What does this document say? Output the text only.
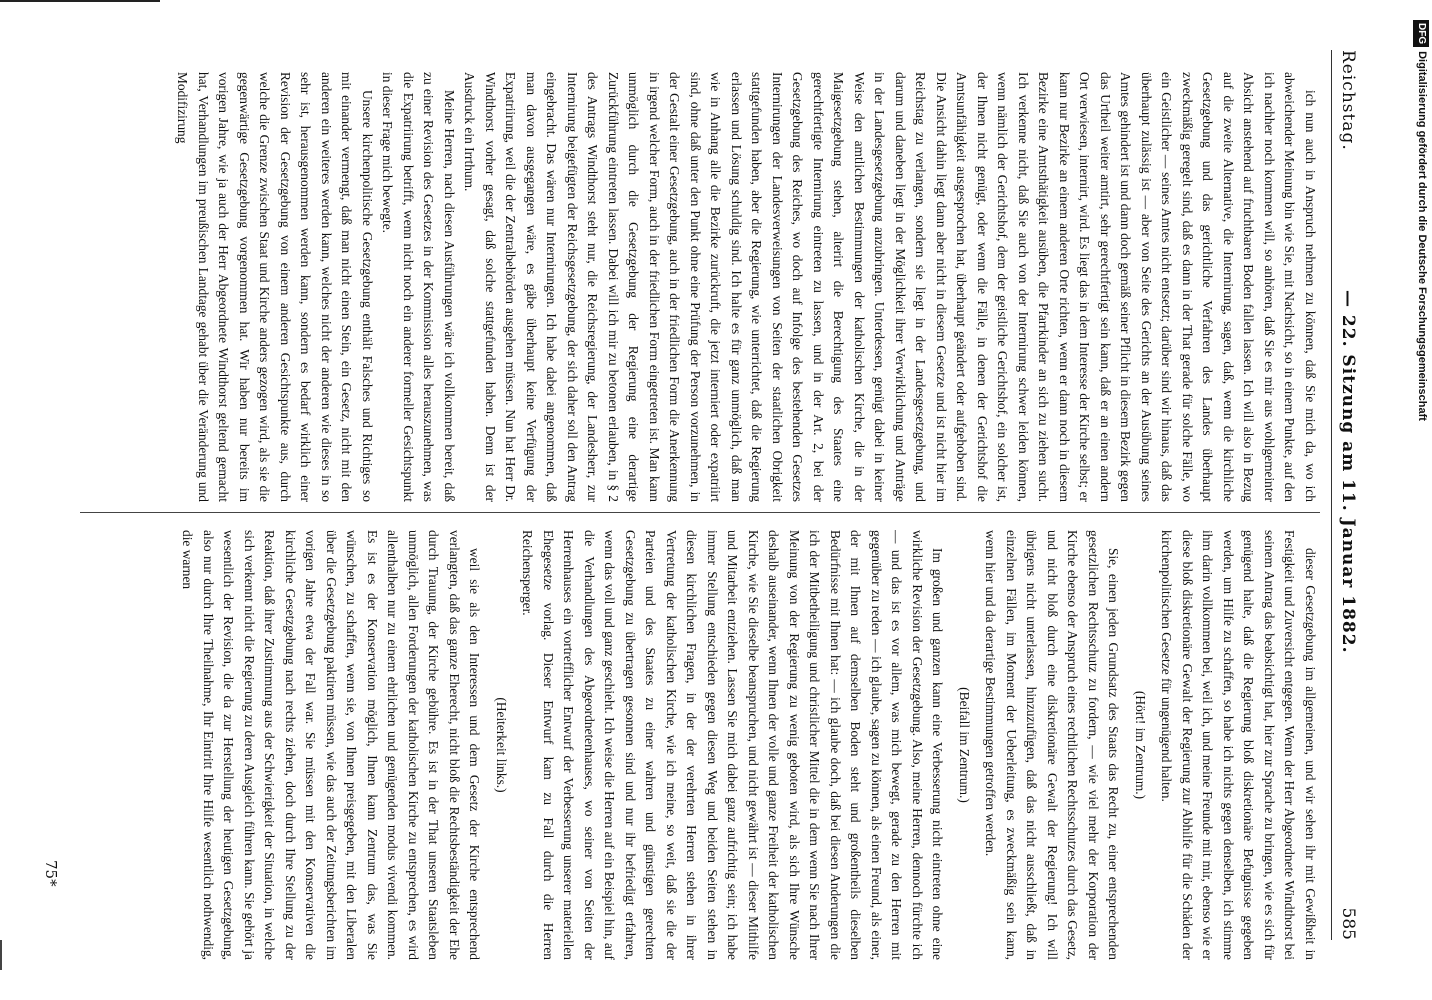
Reichstag.
— 22. Sitzung am 11. Januar 1882.
585

ich nun auch in Anspruch nehmen zu können, daß Sie mich da, wo ich abweichender Meinung bin wie Sie, mit Nachsicht, so in einem Punkte, auf den ich nachher noch kommen will, so anhören, daß Sie es mir aus wohlgemeinter Absicht anstehend auf fruchtbaren Boden fallen lassen. Ich will also in Bezug auf die zweite Alternative, die Internirung, sagen, daß, wenn die kirchliche Gesetzgebung und das gerichtliche Verfahren des Landes überhaupt zweckmäßig geregelt sind, daß es dann in der That gerade für solche Fälle, wo ein Geistlicher — seines Amtes nicht entsetzt; darüber sind wir hinaus, daß das überhaupt zulässig ist — aber von Seite des Gerichts an der Ausübung seines Amtes gehindert ist und dann doch gemäß seiner Pflicht in diesem Bezirk gegen das Urtheil weiter amtirt, sehr gerechtfertigt sein kann, daß er an einen andern Ort verwiesen, internirt, wird. Es liegt das in dem Interesse der Kirche selbst; er kann nur Bezirke an einem anderen Orte richten, wenn er dann noch in diesem Bezirke eine Amtsthätigkeit ausüben, die Pfarrkinder an sich zu ziehen sucht. Ich verkenne nicht, daß Sie auch von der Internirung schwer leiden können, wenn nämlich der Gerichtshof, dem der geistliche Gerichtshof, ein solcher ist, der Ihnen nicht genügt, oder wenn die Fälle, in denen der Gerichtshof die Amtsunfähigkeit ausgesprochen hat, überhaupt geändert oder aufgehoben sind. Die Ansicht dahin liegt dann aber nicht in diesem Gesetze und ist nicht hier im Reichstag zu verlangen, sondern sie liegt in der Landesgesetzgebung, und darum und daneben liegt in der Möglichkeit ihrer Verwirklichung und Anträge in der Landesgesetzgebung anzubringen. Unterdessen, genügt dabei in keiner Weise den amtlichen Bestimmungen der katholischen Kirche, die in der Maigesetzgebung stehen, alterirt die Berechtigung des Staates eine gerechtfertigte Internirung eintreten zu lassen, und in der Art. 2, bei der Gesetzgebung des Reiches, wo doch auf Infolge des bestehenden Gesetzes Internirungen der Landesverweisungen von Seiten der staatlichen Obrigkeit stattgefunden haben, aber die Regierung, wie unterrichtet, daß die Regierung erlassen und Lösung schuldig sind. Ich halte es für ganz unmöglich, daß man wie in Anhang alle die Bezirke zurückruft, die jetzt interniert oder expatriirt sind, ohne daß unter den Punkt ohne eine Prüfung der Person vorzunehmen, in der Gestalt einer Gesetzgebung, auch in der friedlichen Form die Anerkennung in irgend welcher Form, auch in der friedlichen Form eingetreten ist. Man kann unmöglich durch die Gesetzgebung der Regierung eine derartige Zurückführung eintreten lassen. Dabei will ich mir zu betonen erlauben, in § 2 des Antrags Windthorst steht nur, die Reichsregierung, der Landesherr, zur Internirung beigefügten der Reichsgesetzgebung, der sich daher soll den Antrag eingebracht. Das wären nur Internirungen. Ich habe dabei angenommen, daß man davon ausgegangen wäre, es gäbe überhaupt keine Verfügung der Expatriirung, weil die der Zentralbehörden ausgehen müssen. Nun hat Herr Dr. Windthorst vorher gesagt, daß solche stattgefunden haben. Denn ist der Ausdruck ein Irrthum.

Meine Herren, nach diesen Ausführungen wäre ich vollkommen bereit, daß zu einer Revision des Gesetzes in der Kommission alles herauszunehmen, was die Expatriirung betrifft, wenn nicht noch ein anderer formeller Gesichtspunkt in dieser Frage mich bewegte.

Unsere kirchenpolitische Gesetzgebung enthält Falsches und Richtiges so mit einander vermengt, daß man nicht einen Stein, ein Gesetz, nicht mit den anderen ein weiteres werden kann, welches nicht der anderen wie dieses in so sehr ist, herausgenommen werden kann, sondern es bedarf wirklich einer Revision der Gesetzgebung von einem anderen Gesichtspunkte aus, durch welche die Grenze zwischen Staat und Kirche anders gezogen wird, als sie die gegenwärtige Gesetzgebung vorgenommen hat. Wir haben nur bereits im vorigen Jahre, wie ja auch der Herr Abgeordnete Windthorst geltend gemacht hat, Verhandlungen im preußischen Landtage gehabt über die Veränderung und Modifizirung

dieser Gesetzgebung im allgemeinen, und wir sehen ihr mit Gewißheit in Festigkeit und Zuversicht entgegen. Wenn der Herr Abgeordnete Windthorst bei seinem Antrag das beabsichtigt hat, hier zur Sprache zu bringen, wie es sich für genügend halte, daß die Regierung bloß diskretionäre Befugnisse gegeben werden, um Hilfe zu schaffen, so habe ich nichts gegen denselben, ich stimme ihm darin vollkommen bei, weil ich, und meine Freunde mit mir, ebenso wie er diese bloß diskretionäre Gewalt der Regierung zur Abhilfe für die Schäden der kirchenpolitischen Gesetze für ungenügend halten.

(Hört! im Zentrum.)

Sie, einen jeden Grundsatz des Staats das Recht zu, einer entsprechenden gesetzlichen Rechtsschutz zu fordern, — wie viel mehr der Korporation der Kirche ebenso der Anspruch eines rechtlichen Rechtsschutzes durch das Gesetz, und nicht bloß durch eine diskretionäre Gewalt der Regierung! Ich will übrigens nicht unterlassen, hinzuzufügen, daß das nicht ausschließt, daß in einzelnen Fällen, im Moment der Ueberleitung, es zweckmäßig sein kann, wenn hier und da derartige Bestimmungen getroffen werden.

(Beifall im Zentrum.)

Im großen und ganzen kann eine Verbesserung nicht eintreten ohne eine wirkliche Revision der Gesetzgebung. Also, meine Herren, dennoch fürchte ich — und das ist es vor allem, was mich bewegt, gerade zu den Herren mit gegenüber zu reden — ich glaube, sagen zu können, als einen Freund, als einer, der mit Ihnen auf demselben Boden steht und großentheils dieselben Bedürfnisse mit Ihnen hat: — ich glaube doch, daß bei diesen Anderungen die ich der Mitbetheiligung und christlicher Mittel die in dem wenn Sie nach Ihrer Meinung von der Regierung zu wenig geboten wird, als sich Ihre Wünsche deshalb auseinander, wenn Ihnen der volle und ganze Freiheit der katholischen Kirche, wie Sie dieselbe beanspruchen, und nicht gewährt ist — dieser Mithilfe und Mitarbeit entziehen. Lassen Sie mich dabei ganz aufrichtig sein; ich habe immer Stellung entschieden gegen diesen Weg und beiden Seiten stehen in diesen kirchlichen Fragen, in der der verehrten Herren stehen in ihrer Vertretung der katholischen Kirche, wie ich meine, so weit, daß sie die der Parteien und des Staates zu einer wahren und günstigen gerechten Gesetzgebung zu übertragen gesonnen sind und nur ihr befriedigt erfahren, wenn das voll und ganz geschieht. Ich weise die Herren auf ein Beispiel hin, auf die Verhandlungen des Abgeordnetenhauses, wo seiner von Seiten der Herrenhauses ein vortrefflicher Entwurf der Verbesserung unserer materiellen Ehegesetze vorlag. Dieser Entwurf kam zu Fall durch die Herren Reichensperger.

(Heiterkeit links.)

weil sie als den Interessen und dem Gesetz der Kirche entsprechend verlangten, daß das ganze Eherecht, nicht bloß die Rechtsbeständigkeit der Ehe durch Trauung, der Kirche gebühre. Es ist in der That unseren Staatsleben unmöglich, allen Forderungen der katholischen Kirche zu entsprechen, es wird allenthalben nur zu einem ehrlichen und genügenden modus vivendi kommen. Es ist es der Konservation möglich, Ihnen kann Zentrum das, was Sie wünschen, zu schaffen, wenn sie, von Ihnen preisgegeben, mit den Liberalen über die Gesetzgebung paktiren müssen, wie das auch der Zeitungsberichten im vorigen Jahre etwa der Fall war. Sie müssen mit den Konservativen die kirchliche Gesetzgebung nach rechts ziehen, doch durch Ihre Stellung zu der Reaktion, daß ihrer Zustimmung aus der Schwierigkeit der Situation, in welche sich verkennt nicht die Regierung zu deren Ausgleich führen kann. Sie gehört ja wesentlich der Revision, die da zur Herstellung der heutigen Gesetzgebung, also nur durch Ihre Theilnahme, Ihr Eintritt Ihre Hilfe wesentlich nothwendig, die warnen

75*
DFGDigitalisierung gefördert durch die Deutsche Forschungsgemeinschaft
